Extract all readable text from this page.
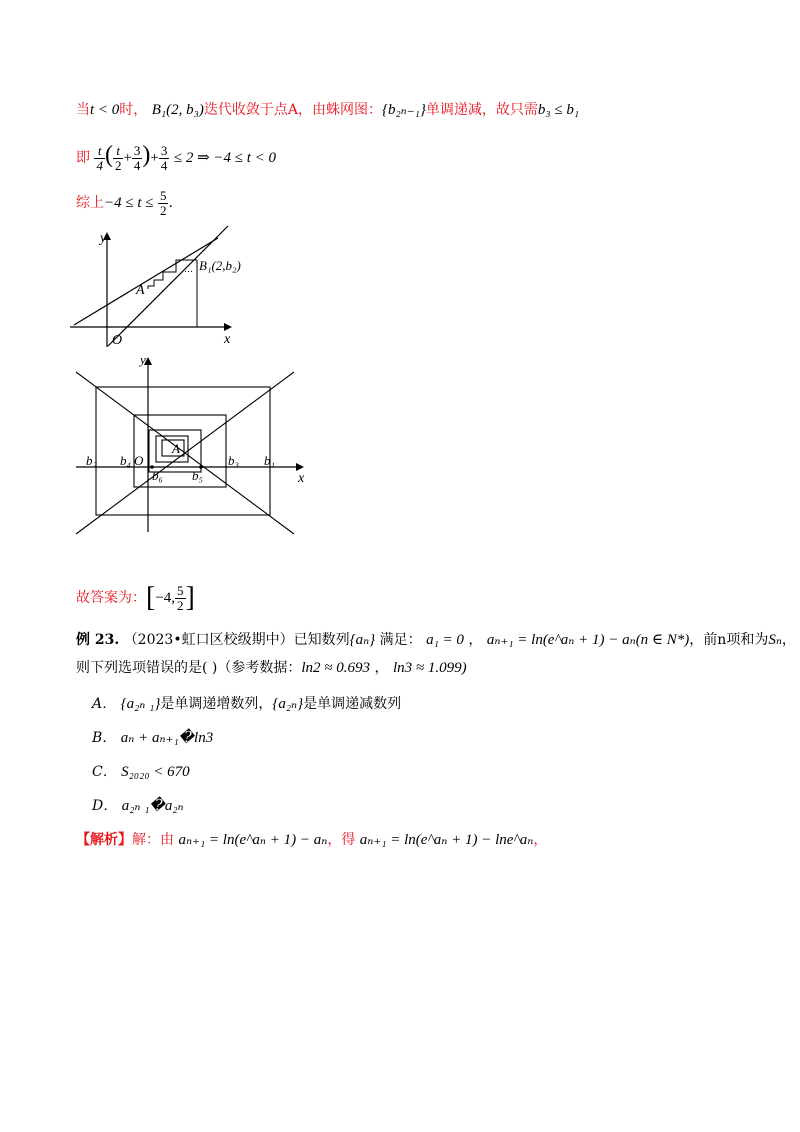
当t < 0时， B₁(2, b₃)迭代收敛于点A，由蛛网图：{b₂ₙ₋₁}单调递减，故只需b₃ ≤ b₁
即 $\frac{t}{4}$ ( $\frac{t}{2} + \frac{3}{4}$ )+ $\frac{3}{4} \le 2$ ⇒ −4 ≤ t < 0
综上$-4 \le t \le \frac{5}{2}$ .
…
y
x
O
A
B₁(2,b₂)
y
x
O
A
b₂ b₄
b₆ b₅
b₃ b₁
故答案为：[−4, $\frac{5}{2}$ ]
例 23. （2023•虹口区校级期中）已知数列{aₙ} 满足： a₁ = 0 ， aₙ₊₁ = ln(e^aₙ + 1) − aₙ(n ∈ N*)，前n项和为Sₙ，
则下列选项错误的是( )（参考数据：ln2 ≈ 0.693 ， ln3 ≈ 1.099)
A． {a₂ₙ ₁}是单调递增数列，{a₂ₙ}是单调递减数列
B． aₙ + aₙ₊₁�ln3
C． S₂₀₂₀ < 670
D． a₂ₙ ₁�a₂ₙ
【解析】解：由 aₙ₊₁ = ln(e^aₙ + 1) − aₙ，得 aₙ₊₁ = ln(e^aₙ + 1) − lne^aₙ，
